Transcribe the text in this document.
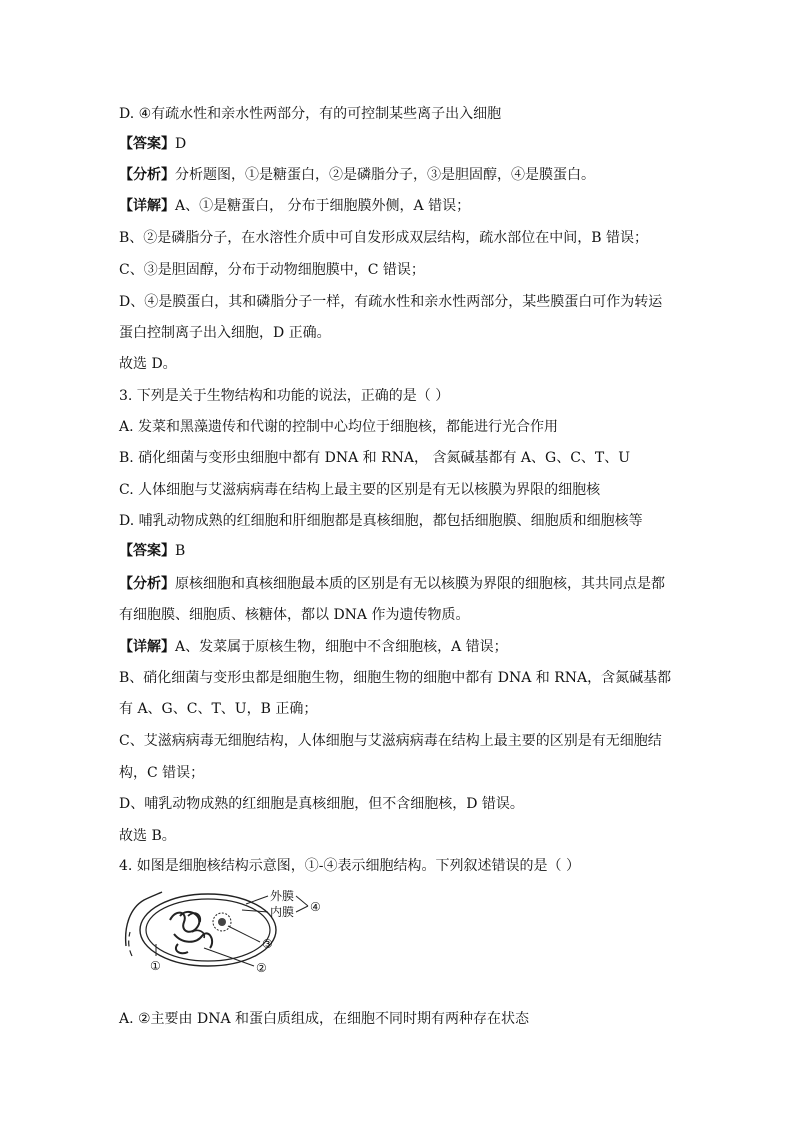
D. ④有疏水性和亲水性两部分，有的可控制某些离子出入细胞
【答案】D
【分析】分析题图，①是糖蛋白，②是磷脂分子，③是胆固醇，④是膜蛋白。
【详解】A、①是糖蛋白， 分布于细胞膜外侧，A 错误；
B、②是磷脂分子，在水溶性介质中可自发形成双层结构，疏水部位在中间，B 错误；
C、③是胆固醇，分布于动物细胞膜中，C 错误；
D、④是膜蛋白，其和磷脂分子一样，有疏水性和亲水性两部分，某些膜蛋白可作为转运
蛋白控制离子出入细胞，D 正确。
故选 D。
3. 下列是关于生物结构和功能的说法，正确的是（ ）
A. 发菜和黑藻遗传和代谢的控制中心均位于细胞核，都能进行光合作用
B. 硝化细菌与变形虫细胞中都有 DNA 和 RNA， 含氮碱基都有 A、G、C、T、U
C. 人体细胞与艾滋病病毒在结构上最主要的区别是有无以核膜为界限的细胞核
D. 哺乳动物成熟的红细胞和肝细胞都是真核细胞，都包括细胞膜、细胞质和细胞核等
【答案】B
【分析】原核细胞和真核细胞最本质的区别是有无以核膜为界限的细胞核，其共同点是都
有细胞膜、细胞质、核糖体，都以 DNA 作为遗传物质。
【详解】A、发菜属于原核生物，细胞中不含细胞核，A 错误；
B、硝化细菌与变形虫都是细胞生物，细胞生物的细胞中都有 DNA 和 RNA，含氮碱基都
有 A、G、C、T、U，B 正确；
C、艾滋病病毒无细胞结构，人体细胞与艾滋病病毒在结构上最主要的区别是有无细胞结
构，C 错误；
D、哺乳动物成熟的红细胞是真核细胞，但不含细胞核，D 错误。
故选 B。
4. 如图是细胞核结构示意图，①-④表示细胞结构。下列叙述错误的是（ ）
A. ②主要由 DNA 和蛋白质组成，在细胞不同时期有两种存在状态
外膜
内膜 ④
③
②
①
